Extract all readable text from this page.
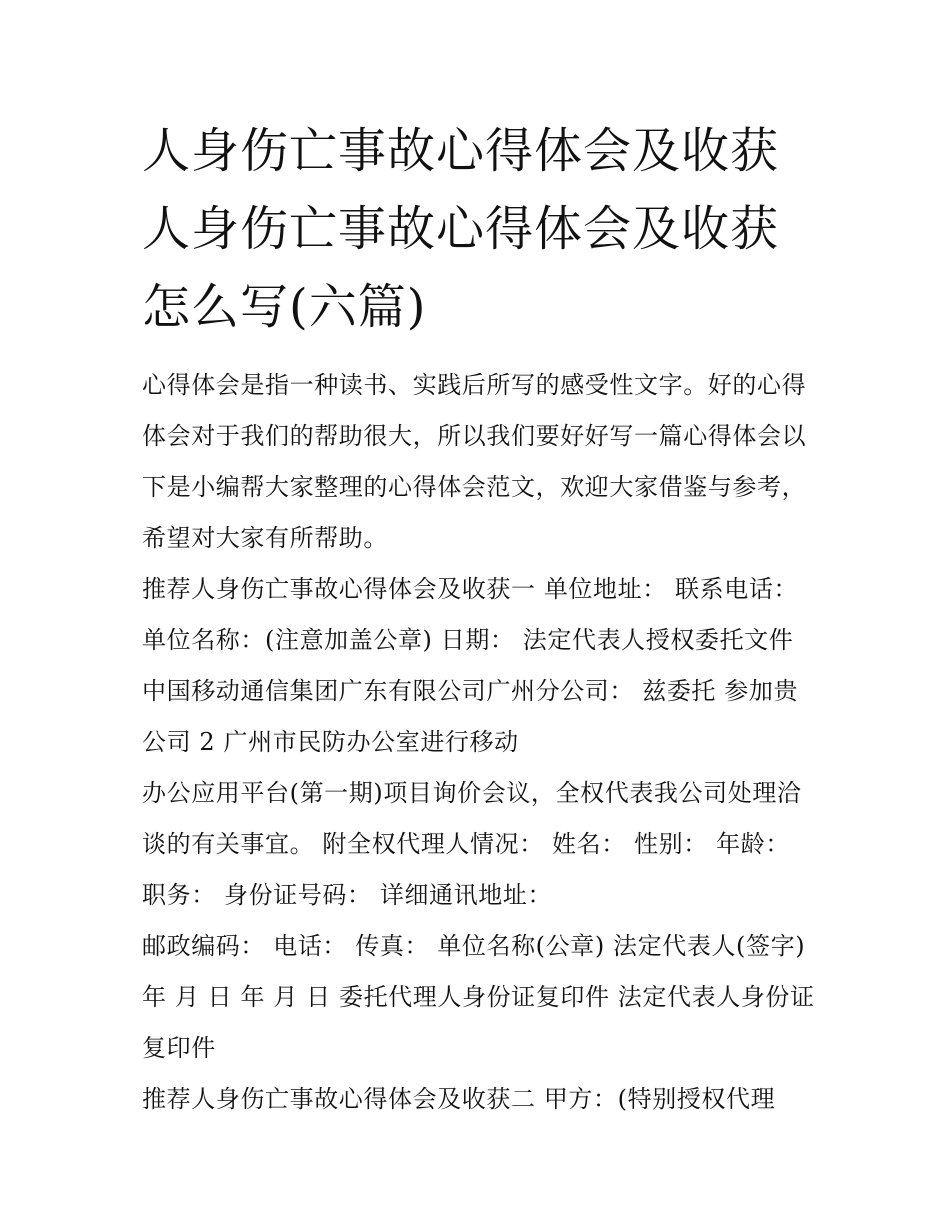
人身伤亡事故心得体会及收获
人身伤亡事故心得体会及收获
怎么写(六篇)
心得体会是指一种读书、实践后所写的感受性文字。好的心得
体会对于我们的帮助很大，所以我们要好好写一篇心得体会以
下是小编帮大家整理的心得体会范文，欢迎大家借鉴与参考，
希望对大家有所帮助。
推荐人身伤亡事故心得体会及收获一 单位地址： 联系电话：
单位名称：(注意加盖公章) 日期： 法定代表人授权委托文件
中国移动通信集团广东有限公司广州分公司： 兹委托 参加贵
公司 2 广州市民防办公室进行移动
办公应用平台(第一期)项目询价会议，全权代表我公司处理洽
谈的有关事宜。 附全权代理人情况： 姓名： 性别： 年龄：
职务： 身份证号码： 详细通讯地址：
邮政编码： 电话： 传真： 单位名称(公章) 法定代表人(签字)
年 月 日 年 月 日 委托代理人身份证复印件 法定代表人身份证
复印件
推荐人身伤亡事故心得体会及收获二 甲方：(特别授权代理
